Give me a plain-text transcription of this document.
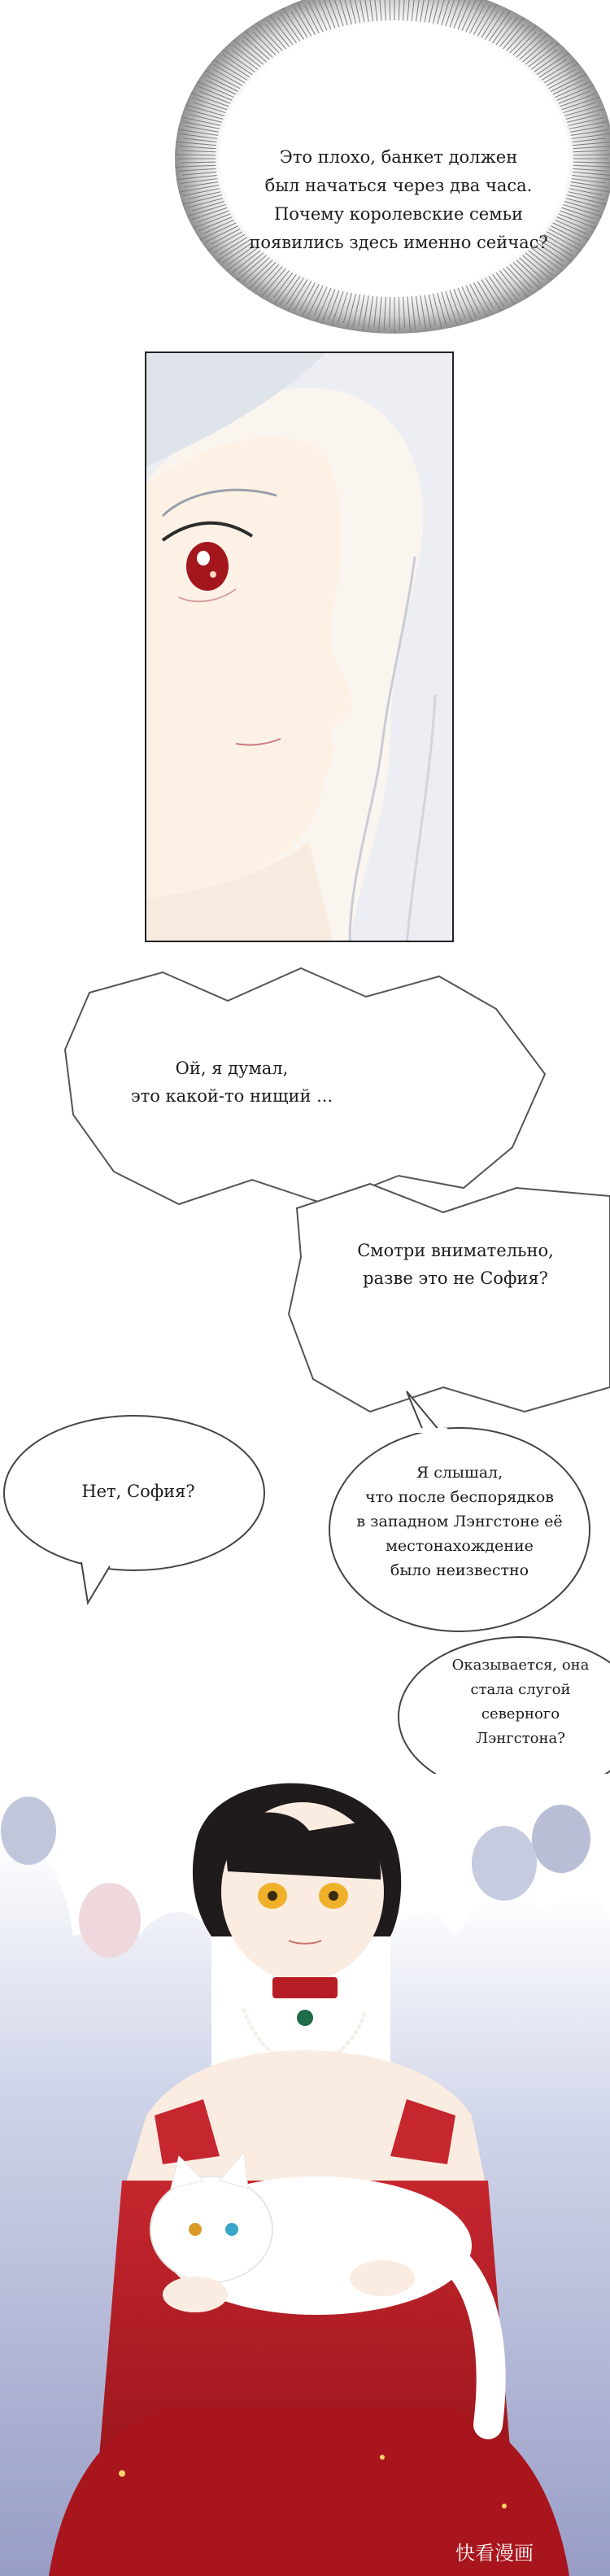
Это плохо, банкет должен
был начаться через два часа.
Почему королевские семьи
появились здесь именно сейчас?
Ой, я думал,
это какой-то нищий ...
Смотри внимательно,
разве это не София?
Нет, София?
Я слышал,
что после беспорядков
в западном Лэнгстоне её
местонахождение
было неизвестно
Оказывается, она
стала слугой
северного
Лэнгстона?
快看漫画
